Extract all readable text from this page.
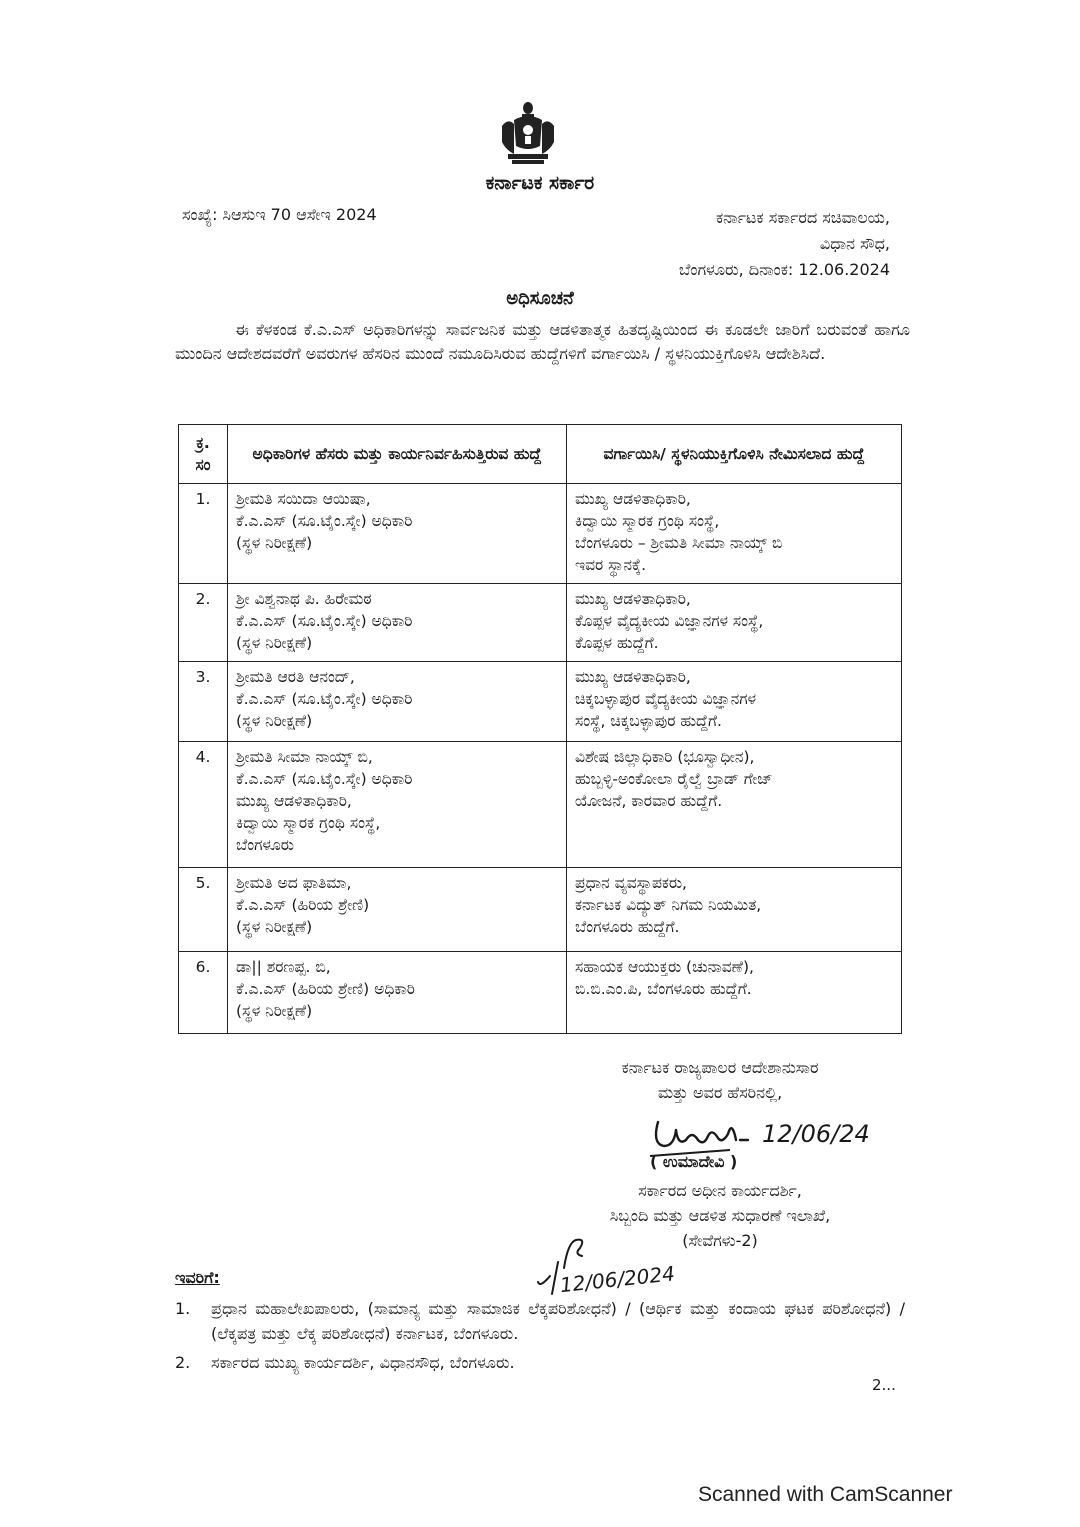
ಕರ್ನಾಟಕ ಸರ್ಕಾರ
ಸಂಖ್ಯೆ: ಸಿಆಸುಇ 70 ಆಸೇಇ 2024	ಕರ್ನಾಟಕ ಸರ್ಕಾರದ ಸಚಿವಾಲಯ,
ವಿಧಾನ ಸೌಧ,
ಬೆಂಗಳೂರು, ದಿನಾಂಕ: 12.06.2024
ಅಧಿಸೂಚನೆ
ಈ ಕೆಳಕಂಡ ಕೆ.ಎ.ಎಸ್ ಅಧಿಕಾರಿಗಳನ್ನು ಸಾರ್ವಜನಿಕ ಮತ್ತು ಆಡಳಿತಾತ್ಮಕ ಹಿತದೃಷ್ಟಿಯಿಂದ ಈ ಕೂಡಲೇ ಜಾರಿಗೆ ಬರುವಂತೆ ಹಾಗೂ ಮುಂದಿನ ಆದೇಶದವರೆಗೆ ಅವರುಗಳ ಹೆಸರಿನ ಮುಂದೆ ನಮೂದಿಸಿರುವ ಹುದ್ದೆಗಳಿಗೆ ವರ್ಗಾಯಿಸಿ / ಸ್ಥಳನಿಯುಕ್ತಿಗೊಳಿಸಿ ಆದೇಶಿಸಿದೆ.
ಕ್ರ. ಸಂ	ಅಧಿಕಾರಿಗಳ ಹೆಸರು ಮತ್ತು ಕಾರ್ಯನಿರ್ವಹಿಸುತ್ತಿರುವ ಹುದ್ದೆ	ವರ್ಗಾಯಿಸಿ/ ಸ್ಥಳನಿಯುಕ್ತಿಗೊಳಿಸಿ ನೇಮಿಸಲಾದ ಹುದ್ದೆ
1.	ಶ್ರೀಮತಿ ಸಯಿದಾ ಆಯಿಷಾ,
ಕೆ.ಎ.ಎಸ್ (ಸೂ.ಟೈಂ.ಸ್ಕೇ) ಅಧಿಕಾರಿ
(ಸ್ಥಳ ನಿರೀಕ್ಷಣೆ)	ಮುಖ್ಯ ಆಡಳಿತಾಧಿಕಾರಿ,
ಕಿದ್ವಾಯಿ ಸ್ಮಾರಕ ಗ್ರಂಥಿ ಸಂಸ್ಥೆ,
ಬೆಂಗಳೂರು – ಶ್ರೀಮತಿ ಸೀಮಾ ನಾಯ್ಕ್ ಬಿ
ಇವರ ಸ್ಥಾನಕ್ಕೆ.
2.	ಶ್ರೀ ವಿಶ್ವನಾಥ ಪಿ. ಹಿರೇಮಠ
ಕೆ.ಎ.ಎಸ್ (ಸೂ.ಟೈಂ.ಸ್ಕೇ) ಅಧಿಕಾರಿ
(ಸ್ಥಳ ನಿರೀಕ್ಷಣೆ)	ಮುಖ್ಯ ಆಡಳಿತಾಧಿಕಾರಿ,
ಕೊಪ್ಪಳ ವೈದ್ಯಕೀಯ ವಿಜ್ಞಾನಗಳ ಸಂಸ್ಥೆ,
ಕೊಪ್ಪಳ ಹುದ್ದೆಗೆ.
3.	ಶ್ರೀಮತಿ ಆರತಿ ಆನಂದ್,
ಕೆ.ಎ.ಎಸ್ (ಸೂ.ಟೈಂ.ಸ್ಕೇ) ಅಧಿಕಾರಿ
(ಸ್ಥಳ ನಿರೀಕ್ಷಣೆ)	ಮುಖ್ಯ ಆಡಳಿತಾಧಿಕಾರಿ,
ಚಿಕ್ಕಬಳ್ಳಾಪುರ ವೈದ್ಯಕೀಯ ವಿಜ್ಞಾನಗಳ
ಸಂಸ್ಥೆ, ಚಿಕ್ಕಬಳ್ಳಾಪುರ ಹುದ್ದೆಗೆ.
4.	ಶ್ರೀಮತಿ ಸೀಮಾ ನಾಯ್ಕ್ ಬಿ,
ಕೆ.ಎ.ಎಸ್ (ಸೂ.ಟೈಂ.ಸ್ಕೇ) ಅಧಿಕಾರಿ
ಮುಖ್ಯ ಆಡಳಿತಾಧಿಕಾರಿ,
ಕಿದ್ವಾಯಿ ಸ್ಮಾರಕ ಗ್ರಂಥಿ ಸಂಸ್ಥೆ,
ಬೆಂಗಳೂರು	ವಿಶೇಷ ಜಿಲ್ಲಾಧಿಕಾರಿ (ಭೂಸ್ವಾಧೀನ),
ಹುಬ್ಬಳ್ಳಿ-ಅಂಕೋಲಾ ರೈಲ್ವೆ ಬ್ರಾಡ್ ಗೇಜ್
ಯೋಜನೆ, ಕಾರವಾರ ಹುದ್ದೆಗೆ.
5.	ಶ್ರೀಮತಿ ಅದ ಫಾತಿಮಾ,
ಕೆ.ಎ.ಎಸ್ (ಹಿರಿಯ ಶ್ರೇಣಿ)
(ಸ್ಥಳ ನಿರೀಕ್ಷಣೆ)	ಪ್ರಧಾನ ವ್ಯವಸ್ಥಾಪಕರು,
ಕರ್ನಾಟಕ ವಿದ್ಯುತ್ ನಿಗಮ ನಿಯಮಿತ,
ಬೆಂಗಳೂರು ಹುದ್ದೆಗೆ.
6.	ಡಾ|| ಶರಣಪ್ಪ. ಬಿ,
ಕೆ.ಎ.ಎಸ್ (ಹಿರಿಯ ಶ್ರೇಣಿ) ಅಧಿಕಾರಿ
(ಸ್ಥಳ ನಿರೀಕ್ಷಣೆ)	ಸಹಾಯಕ ಆಯುಕ್ತರು (ಚುನಾವಣೆ),
ಬಿ.ಬಿ.ಎಂ.ಪಿ, ಬೆಂಗಳೂರು ಹುದ್ದೆಗೆ.
ಕರ್ನಾಟಕ ರಾಜ್ಯಪಾಲರ ಆದೇಶಾನುಸಾರ
ಮತ್ತು ಅವರ ಹೆಸರಿನಲ್ಲಿ,
12/06/24
( ಉಮಾದೇವಿ )
ಸರ್ಕಾರದ ಅಧೀನ ಕಾರ್ಯದರ್ಶಿ,
ಸಿಬ್ಬಂದಿ ಮತ್ತು ಆಡಳಿತ ಸುಧಾರಣೆ ಇಲಾಖೆ,
(ಸೇವೆಗಳು-2)
12/06/2024
ಇವರಿಗೆ:
1.	ಪ್ರಧಾನ ಮಹಾಲೇಖಪಾಲರು, (ಸಾಮಾನ್ಯ ಮತ್ತು ಸಾಮಾಜಿಕ ಲೆಕ್ಕಪರಿಶೋಧನೆ) / (ಆರ್ಥಿಕ ಮತ್ತು ಕಂದಾಯ ಘಟಕ ಪರಿಶೋಧನೆ) / (ಲೆಕ್ಕಪತ್ರ ಮತ್ತು ಲೆಕ್ಕ ಪರಿಶೋಧನೆ) ಕರ್ನಾಟಕ, ಬೆಂಗಳೂರು.
2.	ಸರ್ಕಾರದ ಮುಖ್ಯ ಕಾರ್ಯದರ್ಶಿ, ವಿಧಾನಸೌಧ, ಬೆಂಗಳೂರು.
2...
Scanned with CamScanner
